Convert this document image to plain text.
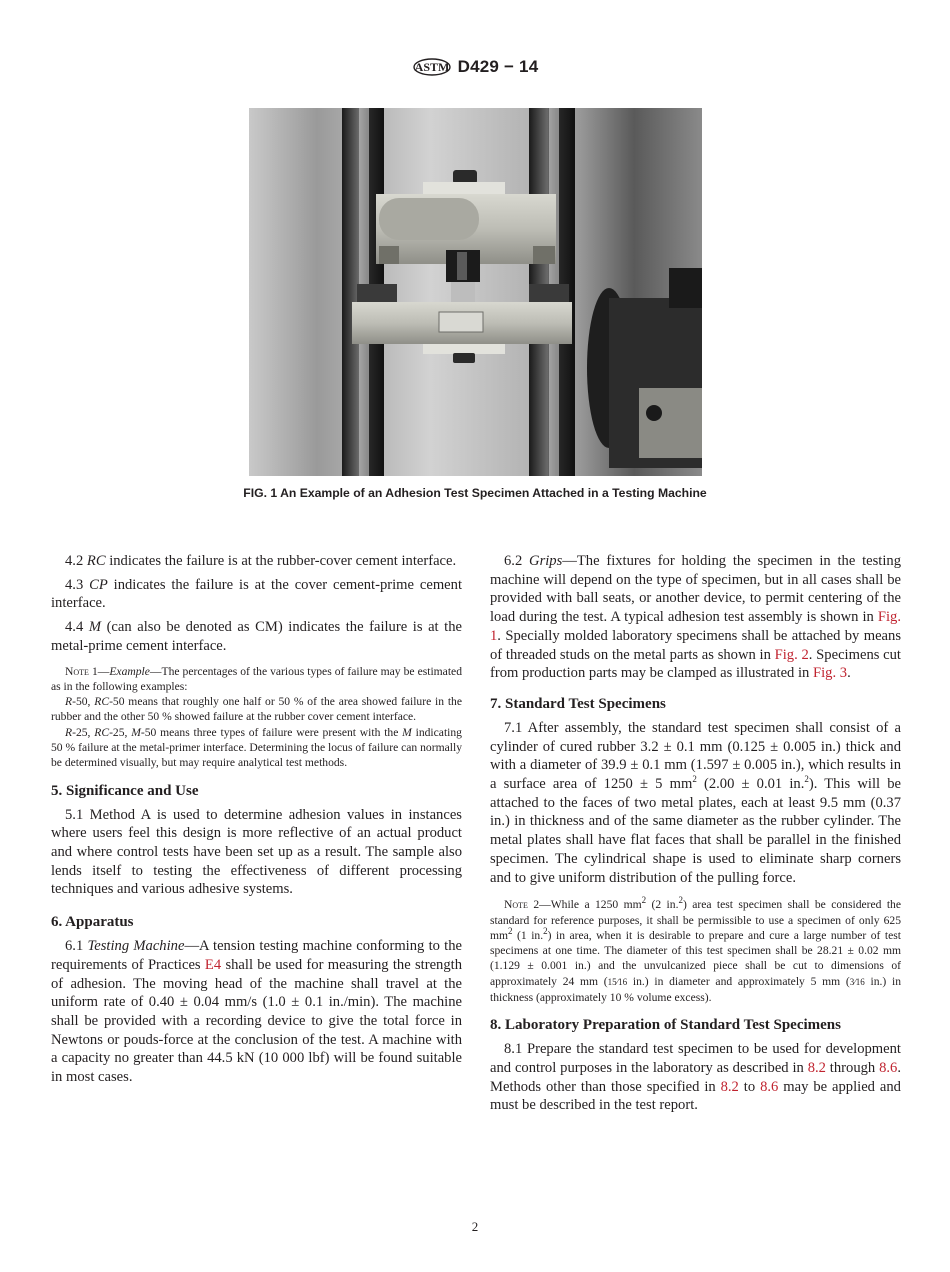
ASTM D429 − 14
FIG. 1 An Example of an Adhesion Test Specimen Attached in a Testing Machine

4.2 RC indicates the failure is at the rubber-cover cement interface.

4.3 CP indicates the failure is at the cover cement-prime cement interface.

4.4 M (can also be denoted as CM) indicates the failure is at the metal-prime cement interface.

Note 1—Example—The percentages of the various types of failure may be estimated as in the following examples:

R-50, RC-50 means that roughly one half or 50 % of the area showed failure in the rubber and the other 50 % showed failure at the rubber cover cement interface.

R-25, RC-25, M-50 means three types of failure were present with the M indicating 50 % failure at the metal-primer interface. Determining the locus of failure can normally be determined visually, but may require analytical test methods.

5. Significance and Use

5.1 Method A is used to determine adhesion values in instances where users feel this design is more reflective of an actual product and where control tests have been set up as a result. The sample also lends itself to testing the effectiveness of different processing techniques and various adhesive systems.

6. Apparatus

6.1 Testing Machine—A tension testing machine conforming to the requirements of Practices E4 shall be used for measuring the strength of adhesion. The moving head of the machine shall travel at the uniform rate of 0.40 ± 0.04 mm/s (1.0 ± 0.1 in./min). The machine shall be provided with a recording device to give the total force in Newtons or pouds-force at the conclusion of the test. A machine with a capacity no greater than 44.5 kN (10 000 lbf) will be found suitable in most cases.

6.2 Grips—The fixtures for holding the specimen in the testing machine will depend on the type of specimen, but in all cases shall be provided with ball seats, or another device, to permit centering of the load during the test. A typical adhesion test assembly is shown in Fig. 1. Specially molded laboratory specimens shall be attached by means of threaded studs on the metal parts as shown in Fig. 2. Specimens cut from production parts may be clamped as illustrated in Fig. 3.

7. Standard Test Specimens

7.1 After assembly, the standard test specimen shall consist of a cylinder of cured rubber 3.2 ± 0.1 mm (0.125 ± 0.005 in.) thick and with a diameter of 39.9 ± 0.1 mm (1.597 ± 0.005 in.), which results in a surface area of 1250 ± 5 $mm^2$ (2.00 ± 0.01 in.$^2$). This will be attached to the faces of two metal plates, each at least 9.5 mm (0.37 in.) in thickness and of the same diameter as the rubber cylinder. The metal plates shall have flat faces that shall be parallel in the finished specimen. The cylindrical shape is used to eliminate sharp corners and to give uniform distribution of the pulling force.

Note 2—While a 1250 $mm^2$ (2 in.$^2$) area test specimen shall be considered the standard for reference purposes, it shall be permissible to use a specimen of only 625 $mm^2$ (1 in.$^2$) in area, when it is desirable to prepare and cure a large number of test specimens at one time. The diameter of this test specimen shall be 28.21 ± 0.02 mm (1.129 ± 0.001 in.) and the unvulcanized piece shall be cut to dimensions of approximately 24 mm (15⁄16 in.) in diameter and approximately 5 mm (3⁄16 in.) in thickness (approximately 10 % volume excess).

8. Laboratory Preparation of Standard Test Specimens

8.1 Prepare the standard test specimen to be used for development and control purposes in the laboratory as described in 8.2 through 8.6. Methods other than those specified in 8.2 to 8.6 may be applied and must be described in the test report.

2
